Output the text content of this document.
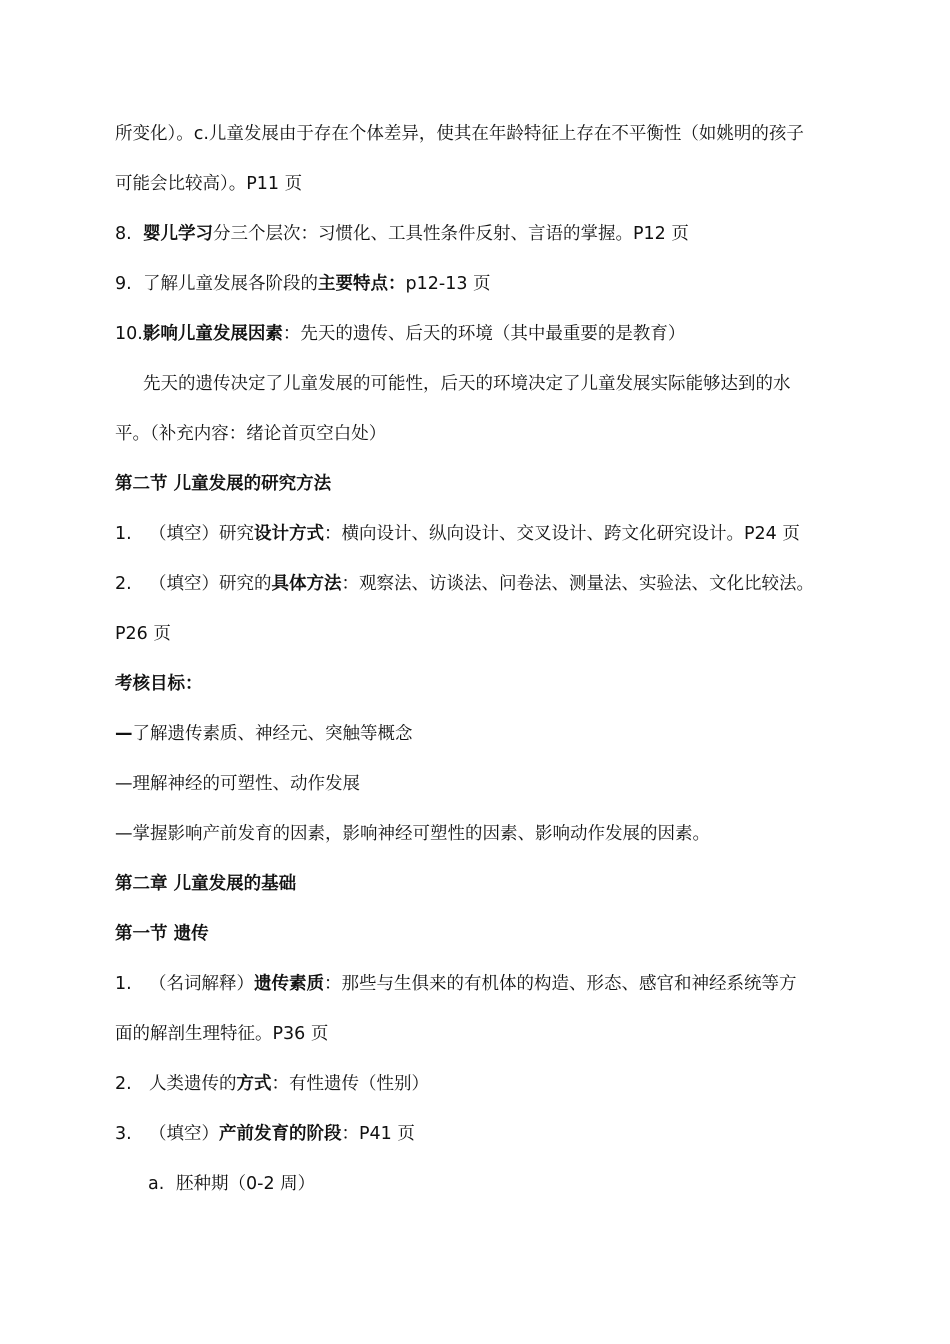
所变化）。c.儿童发展由于存在个体差异，使其在年龄特征上存在不平衡性（如姚明的孩子
可能会比较高）。P11 页
8. 婴儿学习分三个层次：习惯化、工具性条件反射、言语的掌握。P12 页
9. 了解儿童发展各阶段的主要特点：p12-13 页
10.影响儿童发展因素：先天的遗传、后天的环境（其中最重要的是教育）
先天的遗传决定了儿童发展的可能性，后天的环境决定了儿童发展实际能够达到的水
平。（补充内容：绪论首页空白处）
第二节 儿童发展的研究方法
1. （填空）研究设计方式：横向设计、纵向设计、交叉设计、跨文化研究设计。P24 页
2. （填空）研究的具体方法：观察法、访谈法、问卷法、测量法、实验法、文化比较法。
P26 页
考核目标：
—了解遗传素质、神经元、突触等概念
—理解神经的可塑性、动作发展
—掌握影响产前发育的因素，影响神经可塑性的因素、影响动作发展的因素。
第二章 儿童发展的基础
第一节 遗传
1. （名词解释）遗传素质：那些与生俱来的有机体的构造、形态、感官和神经系统等方
面的解剖生理特征。P36 页
2. 人类遗传的方式：有性遗传（性别）
3. （填空）产前发育的阶段：P41 页
a. 胚种期（0-2 周）
